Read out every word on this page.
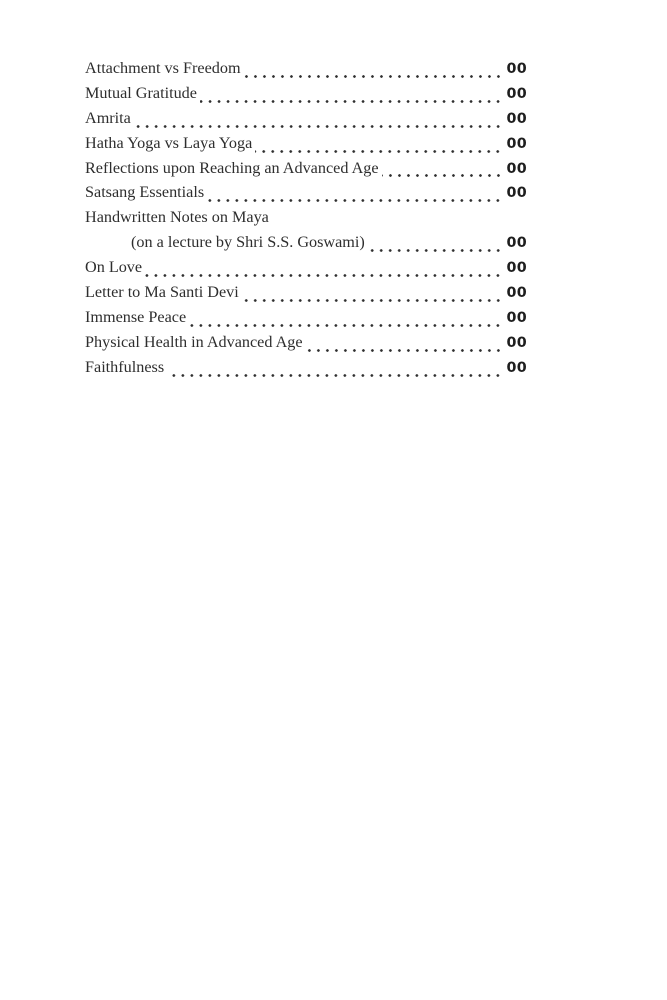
Attachment vs Freedom	00
Mutual Gratitude	00
Amrita	00
Hatha Yoga vs Laya Yoga	00
Reflections upon Reaching an Advanced Age	00
Satsang Essentials	00
Handwritten Notes on Maya
(on a lecture by Shri S.S. Goswami)	00
On Love	00
Letter to Ma Santi Devi	00
Immense Peace	00
Physical Health in Advanced Age	00
Faithfulness	00
